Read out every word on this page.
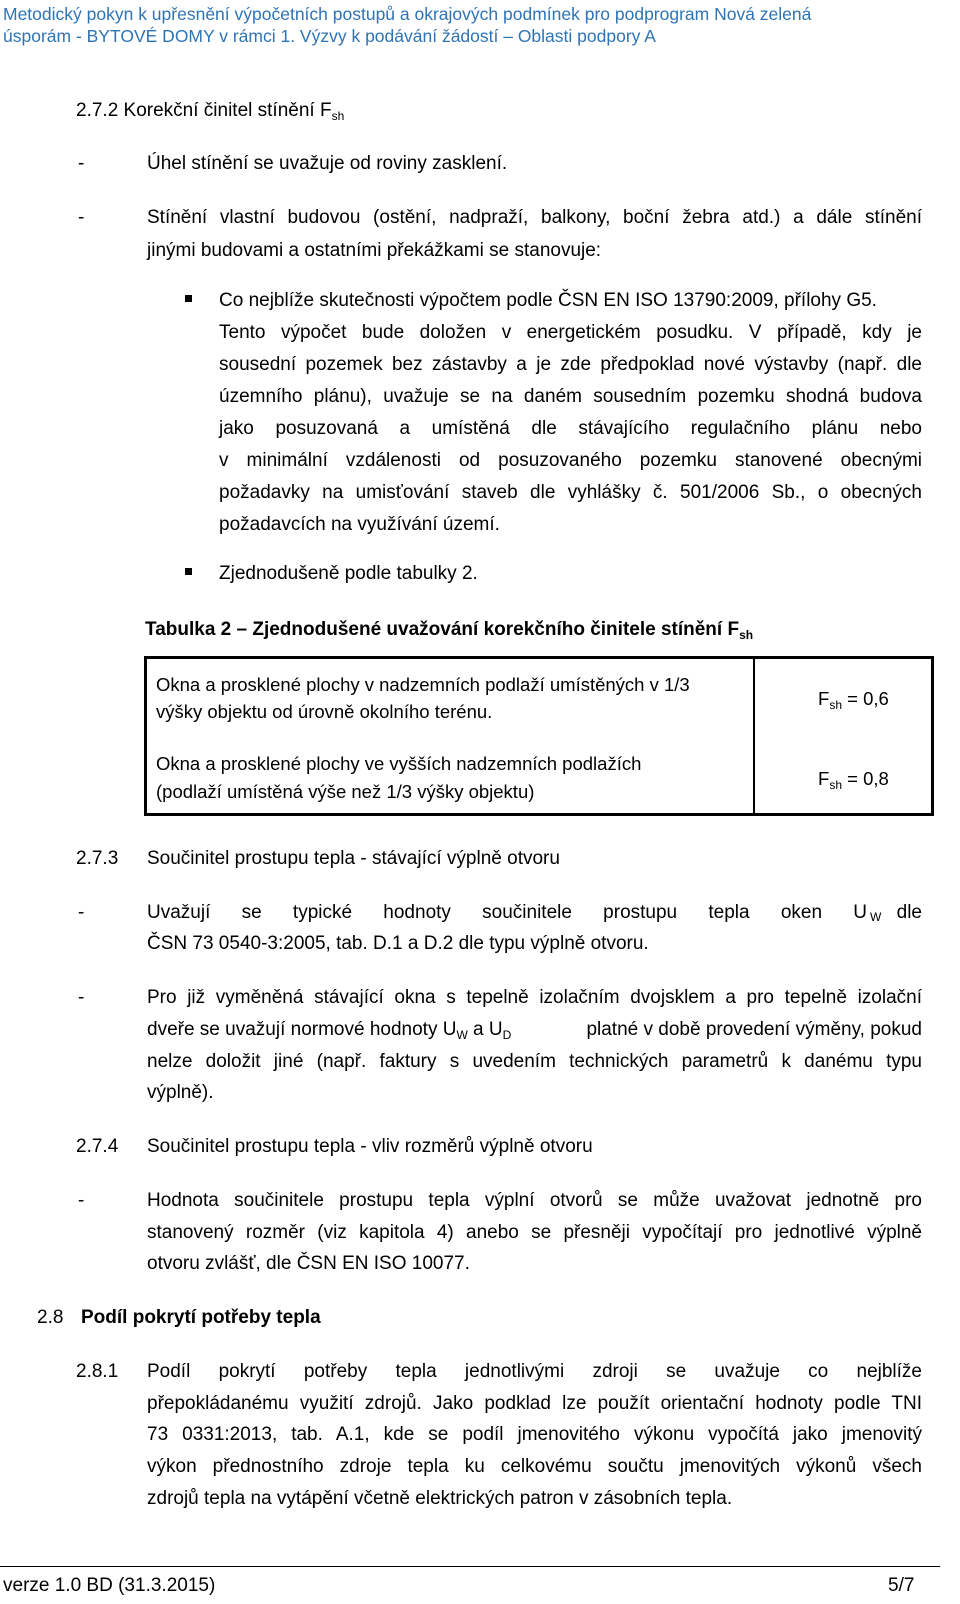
Metodický pokyn k upřesnění výpočetních postupů a okrajových podmínek pro podprogram Nová zelená
úsporám - BYTOVÉ DOMY v rámci 1. Výzvy k podávání žádostí – Oblasti podpory A
2.7.2 Korekční činitel stínění $F_{sh}$
-	Úhel stínění se uvažuje od roviny zasklení.
-	Stínění vlastní budovou (ostění, nadpraží, balkony, boční žebra atd.) a dále stínění
jinými budovami a ostatními překážkami se stanovuje:
Co nejblíže skutečnosti výpočtem podle ČSN EN ISO 13790:2009, přílohy G5.
Tento výpočet bude doložen v energetickém posudku. V případě, kdy je
sousední pozemek bez zástavby a je zde předpoklad nové výstavby (např. dle
územního plánu), uvažuje se na daném sousedním pozemku shodná budova
jako posuzovaná a umístěná dle stávajícího regulačního plánu nebo
v minimální vzdálenosti od posuzovaného pozemku stanovené obecnými
požadavky na umisťování staveb dle vyhlášky č. 501/2006 Sb., o obecných
požadavcích na využívání území.
Zjednodušeně podle tabulky 2.
Tabulka 2 – Zjednodušené uvažování korekčního činitele stínění $F_{sh}$
Okna a prosklené plochy v nadzemních podlaží umístěných v 1/3
výšky objektu od úrovně okolního terénu.
$F_{sh} = 0,6$
Okna a prosklené plochy ve vyšších nadzemních podlažích
(podlaží umístěná výše než 1/3 výšky objektu)
$F_{sh} = 0,8$
2.7.3 Součinitel prostupu tepla - stávající výplně otvoru
-	Uvažují se typické hodnoty součinitele prostupu tepla oken U W dle
ČSN 73 0540-3:2005, tab. D.1 a D.2 dle typu výplně otvoru.
-	Pro již vyměněná stávající okna s tepelně izolačním dvojsklem a pro tepelně izolační
dveře se uvažují normové hodnoty $U_W$ a $U_D$	platné v době provedení výměny, pokud
nelze doložit jiné (např. faktury s uvedením technických parametrů k danému typu
výplně).
2.7.4 Součinitel prostupu tepla - vliv rozměrů výplně otvoru
-	Hodnota součinitele prostupu tepla výplní otvorů se může uvažovat jednotně pro
stanovený rozměr (viz kapitola 4) anebo se přesněji vypočítají pro jednotlivé výplně
otvoru zvlášť, dle ČSN EN ISO 10077.
2.8 Podíl pokrytí potřeby tepla
2.8.1 Podíl pokrytí potřeby tepla jednotlivými zdroji se uvažuje co nejblíže
přepokládanému využití zdrojů. Jako podklad lze použít orientační hodnoty podle TNI
73 0331:2013, tab. A.1, kde se podíl jmenovitého výkonu vypočítá jako jmenovitý
výkon přednostního zdroje tepla ku celkovému součtu jmenovitých výkonů všech
zdrojů tepla na vytápění včetně elektrických patron v zásobních tepla.
verze 1.0 BD (31.3.2015)	5/7
